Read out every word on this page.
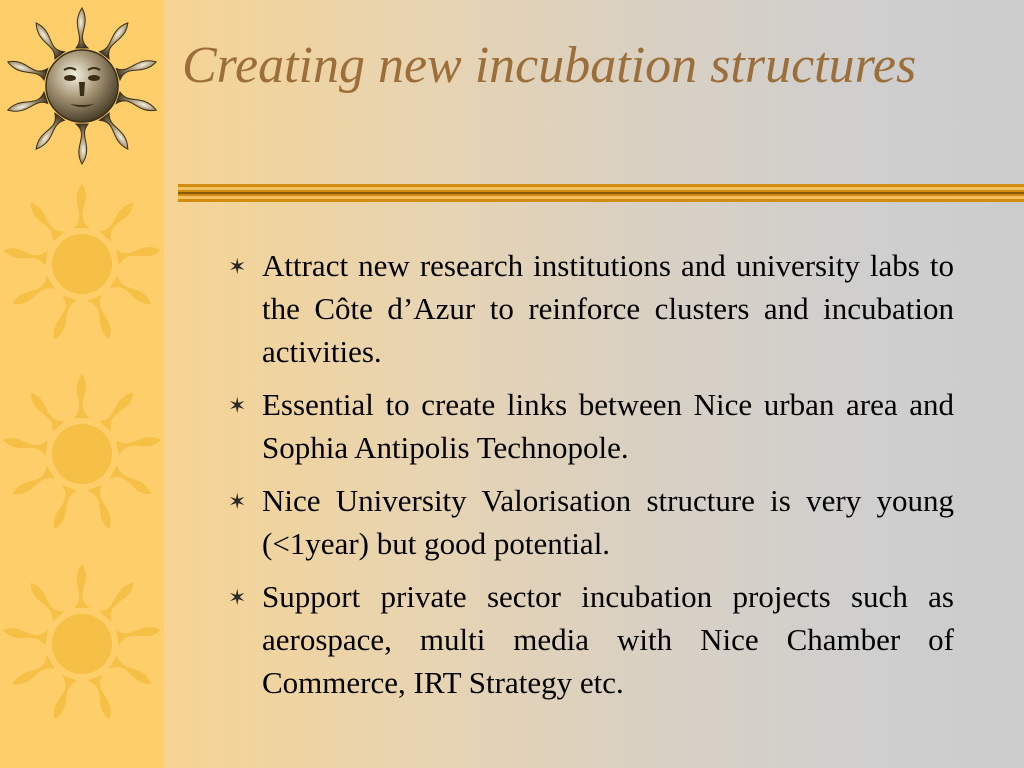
Creating new incubation structures
✶ Attract new research institutions and university labs to the Côte d’Azur to reinforce clusters and incubation activities.
✶ Essential to create links between Nice urban area and Sophia Antipolis Technopole.
✶ Nice University Valorisation structure is very young (<1year) but good potential.
✶ Support private sector incubation projects such as aerospace, multi media with Nice Chamber of Commerce, IRT Strategy etc.
